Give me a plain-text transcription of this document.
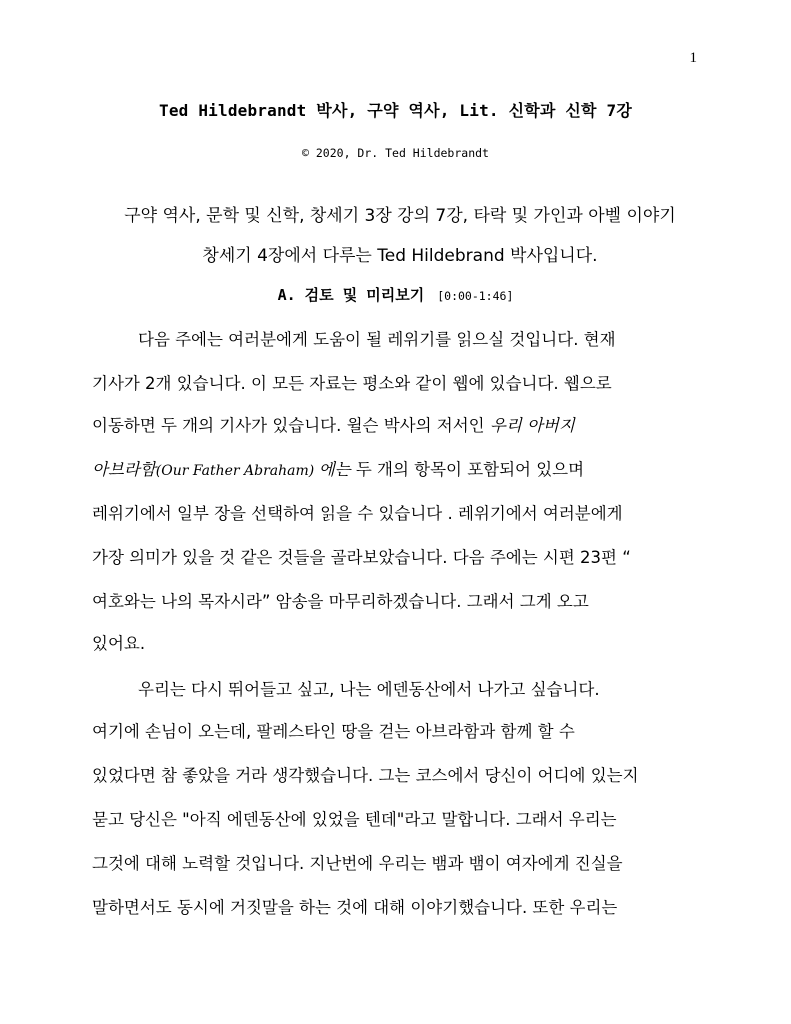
1
Ted Hildebrandt 박사, 구약 역사, Lit. 신학과 신학 7강
© 2020, Dr. Ted Hildebrandt
구약 역사, 문학 및 신학, 창세기 3장 강의 7강, 타락 및 가인과 아벨 이야기
창세기 4장에서 다루는 Ted Hildebrand 박사입니다.
A. 검토 및 미리보기 [0:00-1:46]
다음 주에는 여러분에게 도움이 될 레위기를 읽으실 것입니다. 현재
기사가 2개 있습니다. 이 모든 자료는 평소와 같이 웹에 있습니다. 웹으로
이동하면 두 개의 기사가 있습니다. 윌슨 박사의 저서인 우리 아버지
아브라함(Our Father Abraham) 에는 두 개의 항목이 포함되어 있으며
레위기에서 일부 장을 선택하여 읽을 수 있습니다 . 레위기에서 여러분에게
가장 의미가 있을 것 같은 것들을 골라보았습니다. 다음 주에는 시편 23편 “
여호와는 나의 목자시라” 암송을 마무리하겠습니다. 그래서 그게 오고
있어요.
우리는 다시 뛰어들고 싶고, 나는 에덴동산에서 나가고 싶습니다.
여기에 손님이 오는데, 팔레스타인 땅을 걷는 아브라함과 함께 할 수
있었다면 참 좋았을 거라 생각했습니다. 그는 코스에서 당신이 어디에 있는지
묻고 당신은 "아직 에덴동산에 있었을 텐데"라고 말합니다. 그래서 우리는
그것에 대해 노력할 것입니다. 지난번에 우리는 뱀과 뱀이 여자에게 진실을
말하면서도 동시에 거짓말을 하는 것에 대해 이야기했습니다. 또한 우리는
